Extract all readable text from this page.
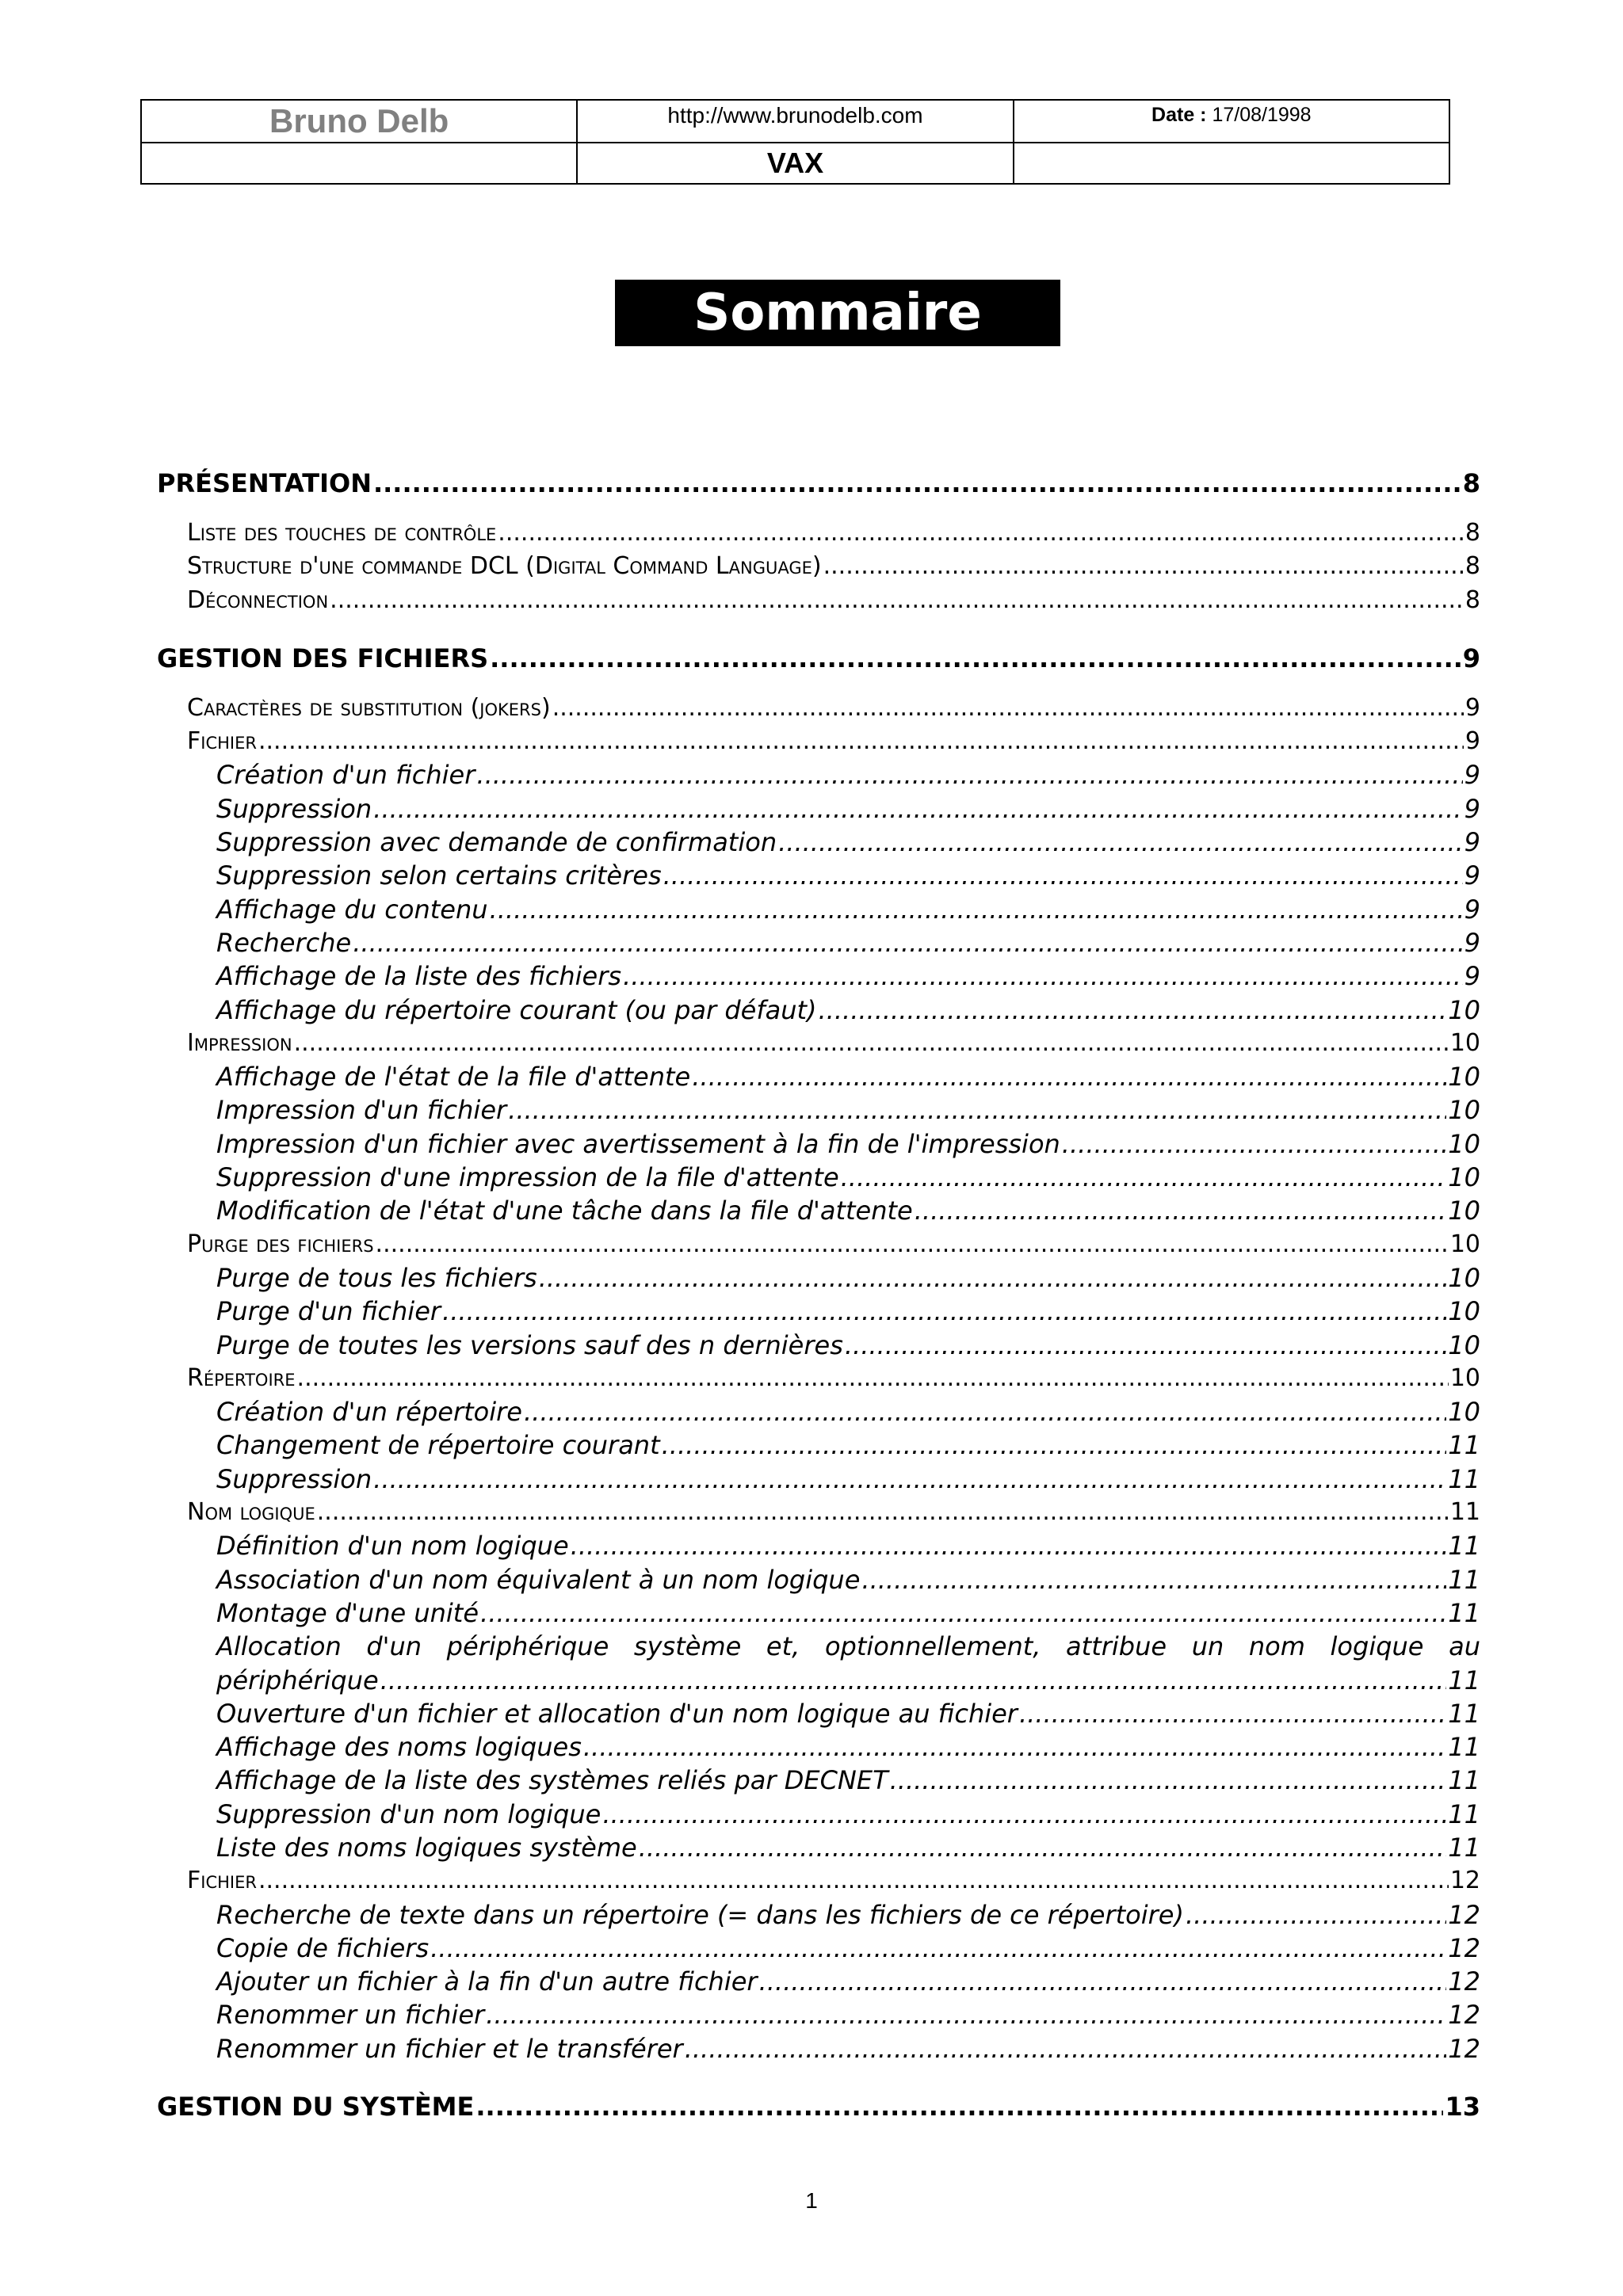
Bruno Delb	http://www.brunodelb.com	Date : 17/08/1998
	VAX	
Sommaire
PRÉSENTATION .....	8
Liste des touches de contrôle .....	8
Structure d'une commande DCL (Digital Command Language) .....	8
Déconnection .....	8
GESTION DES FICHIERS .....	9
Caractères de substitution (jokers) .....	9
Fichier .....	9
Création d'un fichier .....	9
Suppression .....	9
Suppression avec demande de confirmation .....	9
Suppression selon certains critères .....	9
Affichage du contenu .....	9
Recherche .....	9
Affichage de la liste des fichiers .....	9
Affichage du répertoire courant (ou par défaut) .....	10
Impression .....	10
Affichage de l'état de la file d'attente .....	10
Impression d'un fichier .....	10
Impression d'un fichier avec avertissement à la fin de l'impression .....	10
Suppression d'une impression de la file d'attente .....	10
Modification de l'état d'une tâche dans la file d'attente .....	10
Purge des fichiers .....	10
Purge de tous les fichiers .....	10
Purge d'un fichier .....	10
Purge de toutes les versions sauf des n dernières .....	10
Répertoire .....	10
Création d'un répertoire .....	10
Changement de répertoire courant .....	11
Suppression .....	11
Nom logique .....	11
Définition d'un nom logique .....	11
Association d'un nom équivalent à un nom logique .....	11
Montage d'une unité .....	11
Allocation d'un périphérique système et, optionnellement, attribue un nom logique au
périphérique .....	11
Ouverture d'un fichier et allocation d'un nom logique au fichier .....	11
Affichage des noms logiques .....	11
Affichage de la liste des systèmes reliés par DECNET .....	11
Suppression d'un nom logique .....	11
Liste des noms logiques système .....	11
Fichier .....	12
Recherche de texte dans un répertoire (= dans les fichiers de ce répertoire) .....	12
Copie de fichiers .....	12
Ajouter un fichier à la fin d'un autre fichier .....	12
Renommer un fichier .....	12
Renommer un fichier et le transférer .....	12
GESTION DU SYSTÈME .....	13
1
